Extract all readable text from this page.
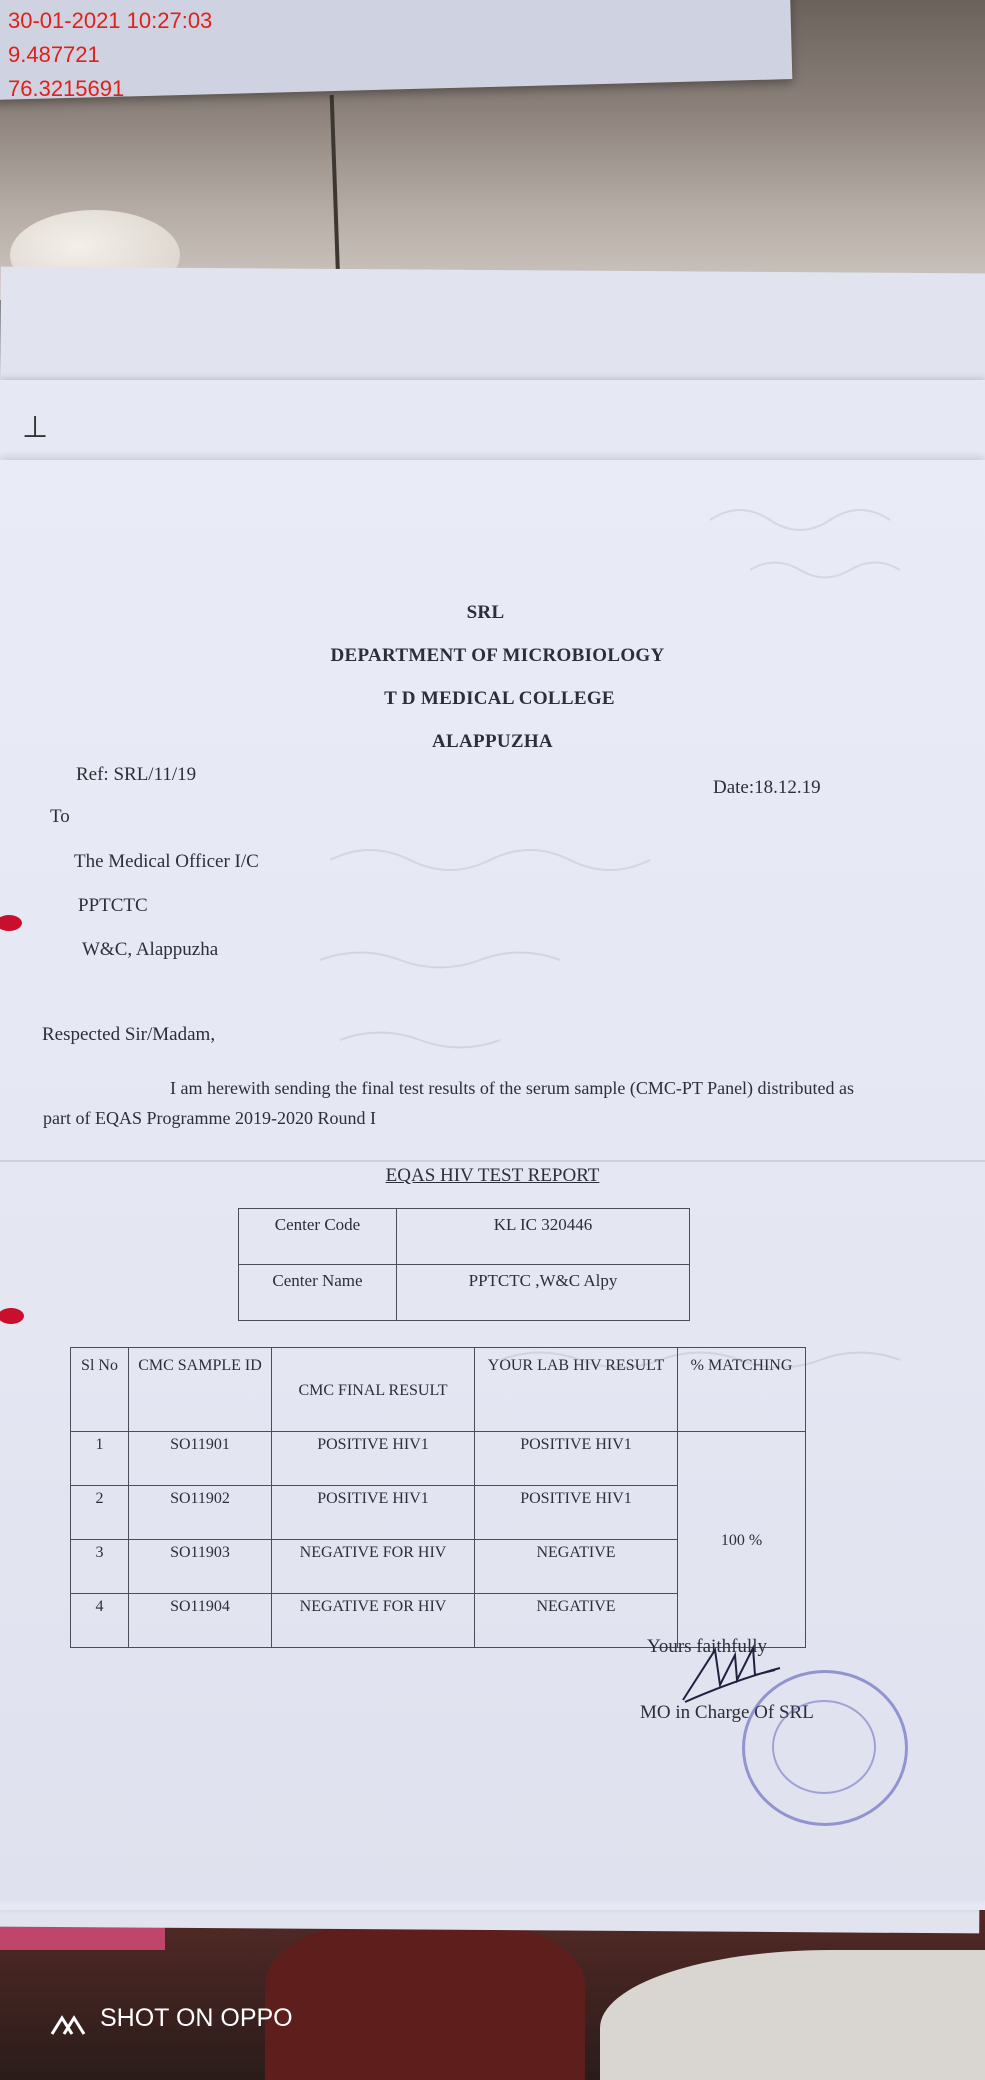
⊥
SRL
DEPARTMENT OF MICROBIOLOGY
T D MEDICAL COLLEGE
ALAPPUZHA
Ref: SRL/11/19
Date:18.12.19
To
The Medical Officer I/C
PPTCTC
W&C, Alappuzha
Respected Sir/Madam,
I am herewith sending the final test results of the serum sample (CMC-PT Panel) distributed as
part of EQAS Programme 2019-2020 Round I
EQAS HIV TEST REPORT
Center Code	KL IC 320446
Center Name	PPTCTC ,W&C Alpy
Sl No	CMC SAMPLE ID	CMC FINAL RESULT	YOUR LAB HIV RESULT	% MATCHING
1	SO11901	POSITIVE HIV1	POSITIVE HIV1	100 %
2	SO11902	POSITIVE HIV1	POSITIVE HIV1	
3	SO11903	NEGATIVE FOR HIV	NEGATIVE	
4	SO11904	NEGATIVE FOR HIV	NEGATIVE	
Yours faithfully
MO in Charge Of SRL
30-01-2021 10:27:03
9.487721
76.3215691
SHOT ON OPPO
